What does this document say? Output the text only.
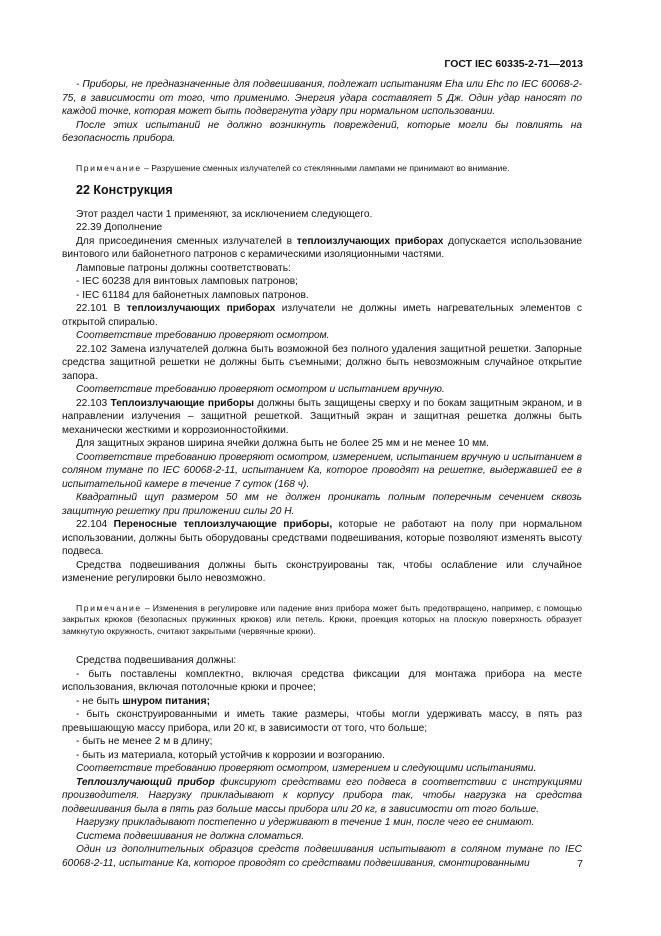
ГОСТ IEC 60335-2-71—2013

- Приборы, не предназначенные для подвешивания, подлежат испытаниям Eha или Ehc по IEC 60068-2-75, в зависимости от того, что применимо. Энергия удара составляет 5 Дж. Один удар наносят по каждой точке, которая может быть подвергнута удару при нормальном использовании.

После этих испытаний не должно возникнуть повреждений, которые могли бы повлиять на безопасность прибора.

Примечание – Разрушение сменных излучателей со стеклянными лампами не принимают во внимание.

22 Конструкция

Этот раздел части 1 применяют, за исключением следующего.

22.39 Дополнение

Для присоединения сменных излучателей в теплоизлучающих приборах допускается использование винтового или байонетного патронов с керамическими изоляционными частями.

Ламповые патроны должны соответствовать:

- IEC 60238 для винтовых ламповых патронов;

- IEC 61184 для байонетных ламповых патронов.

22.101 В теплоизлучающих приборах излучатели не должны иметь нагревательных элементов с открытой спиралью.

Соответствие требованию проверяют осмотром.

22.102 Замена излучателей должна быть возможной без полного удаления защитной решетки. Запорные средства защитной решетки не должны быть съемными; должно быть невозможным случайное открытие запора.

Соответствие требованию проверяют осмотром и испытанием вручную.

22.103 Теплоизлучающие приборы должны быть защищены сверху и по бокам защитным экраном, и в направлении излучения – защитной решеткой. Защитный экран и защитная решетка должны быть механически жесткими и коррозионностойкими.

Для защитных экранов ширина ячейки должна быть не более 25 мм и не менее 10 мм.

Соответствие требованию проверяют осмотром, измерением, испытанием вручную и испытанием в соляном тумане по IEC 60068-2-11, испытанием Ка, которое проводят на решетке, выдержавшей ее в испытательной камере в течение 7 суток (168 ч).

Квадратный щуп размером 50 мм не должен проникать полным поперечным сечением сквозь защитную решетку при приложении силы 20 Н.

22.104 Переносные теплоизлучающие приборы, которые не работают на полу при нормальном использовании, должны быть оборудованы средствами подвешивания, которые позволяют изменять высоту подвеса.

Средства подвешивания должны быть сконструированы так, чтобы ослабление или случайное изменение регулировки было невозможно.

Примечание – Изменения в регулировке или падение вниз прибора может быть предотвращено, например, с помощью закрытых крюков (безопасных пружинных крюков) или петель. Крюки, проекция которых на плоскую поверхность образует замкнутую окружность, считают закрытыми (червячные крюки).

Средства подвешивания должны:

- быть поставлены комплектно, включая средства фиксации для монтажа прибора на месте использования, включая потолочные крюки и прочее;

- не быть шнуром питания;

- быть сконструированными и иметь такие размеры, чтобы могли удерживать массу, в пять раз превышающую массу прибора, или 20 кг, в зависимости от того, что больше;

- быть не менее 2 м в длину;

- быть из материала, который устойчив к коррозии и возгоранию.

Соответствие требованию проверяют осмотром, измерением и следующими испытаниями.

Теплоизлучающий прибор фиксируют средствами его подвеса в соответствии с инструкциями производителя. Нагрузку прикладывают к корпусу прибора так, чтобы нагрузка на средства подвешивания была в пять раз больше массы прибора или 20 кг, в зависимости от того больше.

Нагрузку прикладывают постепенно и удерживают в течение 1 мин, после чего ее снимают.

Система подвешивания не должна сломаться.

Один из дополнительных образцов средств подвешивания испытывают в соляном тумане по IEC 60068-2-11, испытание Ка, которое проводят со средствами подвешивания, смонтированными	7
